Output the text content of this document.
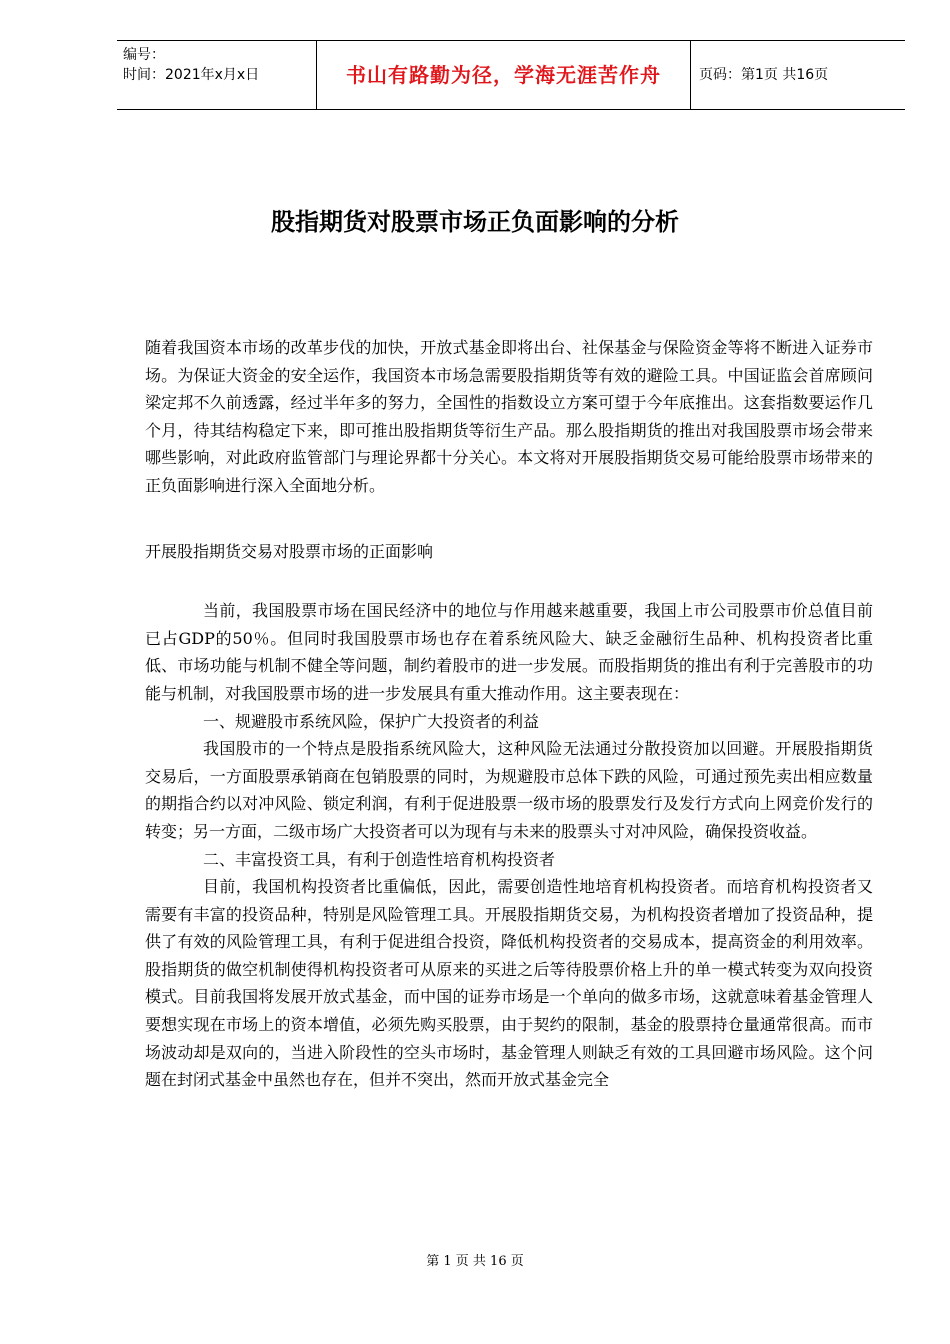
编号：
时间：2021年x月x日	书山有路勤为径，学海无涯苦作舟	页码：第1页 共16页
股指期货对股票市场正负面影响的分析

随着我国资本市场的改革步伐的加快，开放式基金即将出台、社保基金与保险资金等将不断进入证券市场。为保证大资金的安全运作，我国资本市场急需要股指期货等有效的避险工具。中国证监会首席顾问梁定邦不久前透露，经过半年多的努力，全国性的指数设立方案可望于今年底推出。这套指数要运作几个月，待其结构稳定下来，即可推出股指期货等衍生产品。那么股指期货的推出对我国股票市场会带来哪些影响，对此政府监管部门与理论界都十分关心。本文将对开展股指期货交易可能给股票市场带来的正负面影响进行深入全面地分析。

开展股指期货交易对股票市场的正面影响

当前，我国股票市场在国民经济中的地位与作用越来越重要，我国上市公司股票市价总值目前已占GDP的50％。但同时我国股票市场也存在着系统风险大、缺乏金融衍生品种、机构投资者比重低、市场功能与机制不健全等问题，制约着股市的进一步发展。而股指期货的推出有利于完善股市的功能与机制，对我国股票市场的进一步发展具有重大推动作用。这主要表现在：

一、规避股市系统风险，保护广大投资者的利益

我国股市的一个特点是股指系统风险大，这种风险无法通过分散投资加以回避。开展股指期货交易后，一方面股票承销商在包销股票的同时，为规避股市总体下跌的风险，可通过预先卖出相应数量的期指合约以对冲风险、锁定利润，有利于促进股票一级市场的股票发行及发行方式向上网竞价发行的转变；另一方面，二级市场广大投资者可以为现有与未来的股票头寸对冲风险，确保投资收益。

二、丰富投资工具，有利于创造性培育机构投资者

目前，我国机构投资者比重偏低，因此，需要创造性地培育机构投资者。而培育机构投资者又需要有丰富的投资品种，特别是风险管理工具。开展股指期货交易，为机构投资者增加了投资品种，提供了有效的风险管理工具，有利于促进组合投资，降低机构投资者的交易成本，提高资金的利用效率。股指期货的做空机制使得机构投资者可从原来的买进之后等待股票价格上升的单一模式转变为双向投资模式。目前我国将发展开放式基金，而中国的证券市场是一个单向的做多市场，这就意味着基金管理人要想实现在市场上的资本增值，必须先购买股票，由于契约的限制，基金的股票持仓量通常很高。而市场波动却是双向的，当进入阶段性的空头市场时，基金管理人则缺乏有效的工具回避市场风险。这个问题在封闭式基金中虽然也存在，但并不突出，然而开放式基金完全

第 1 页 共 16 页
